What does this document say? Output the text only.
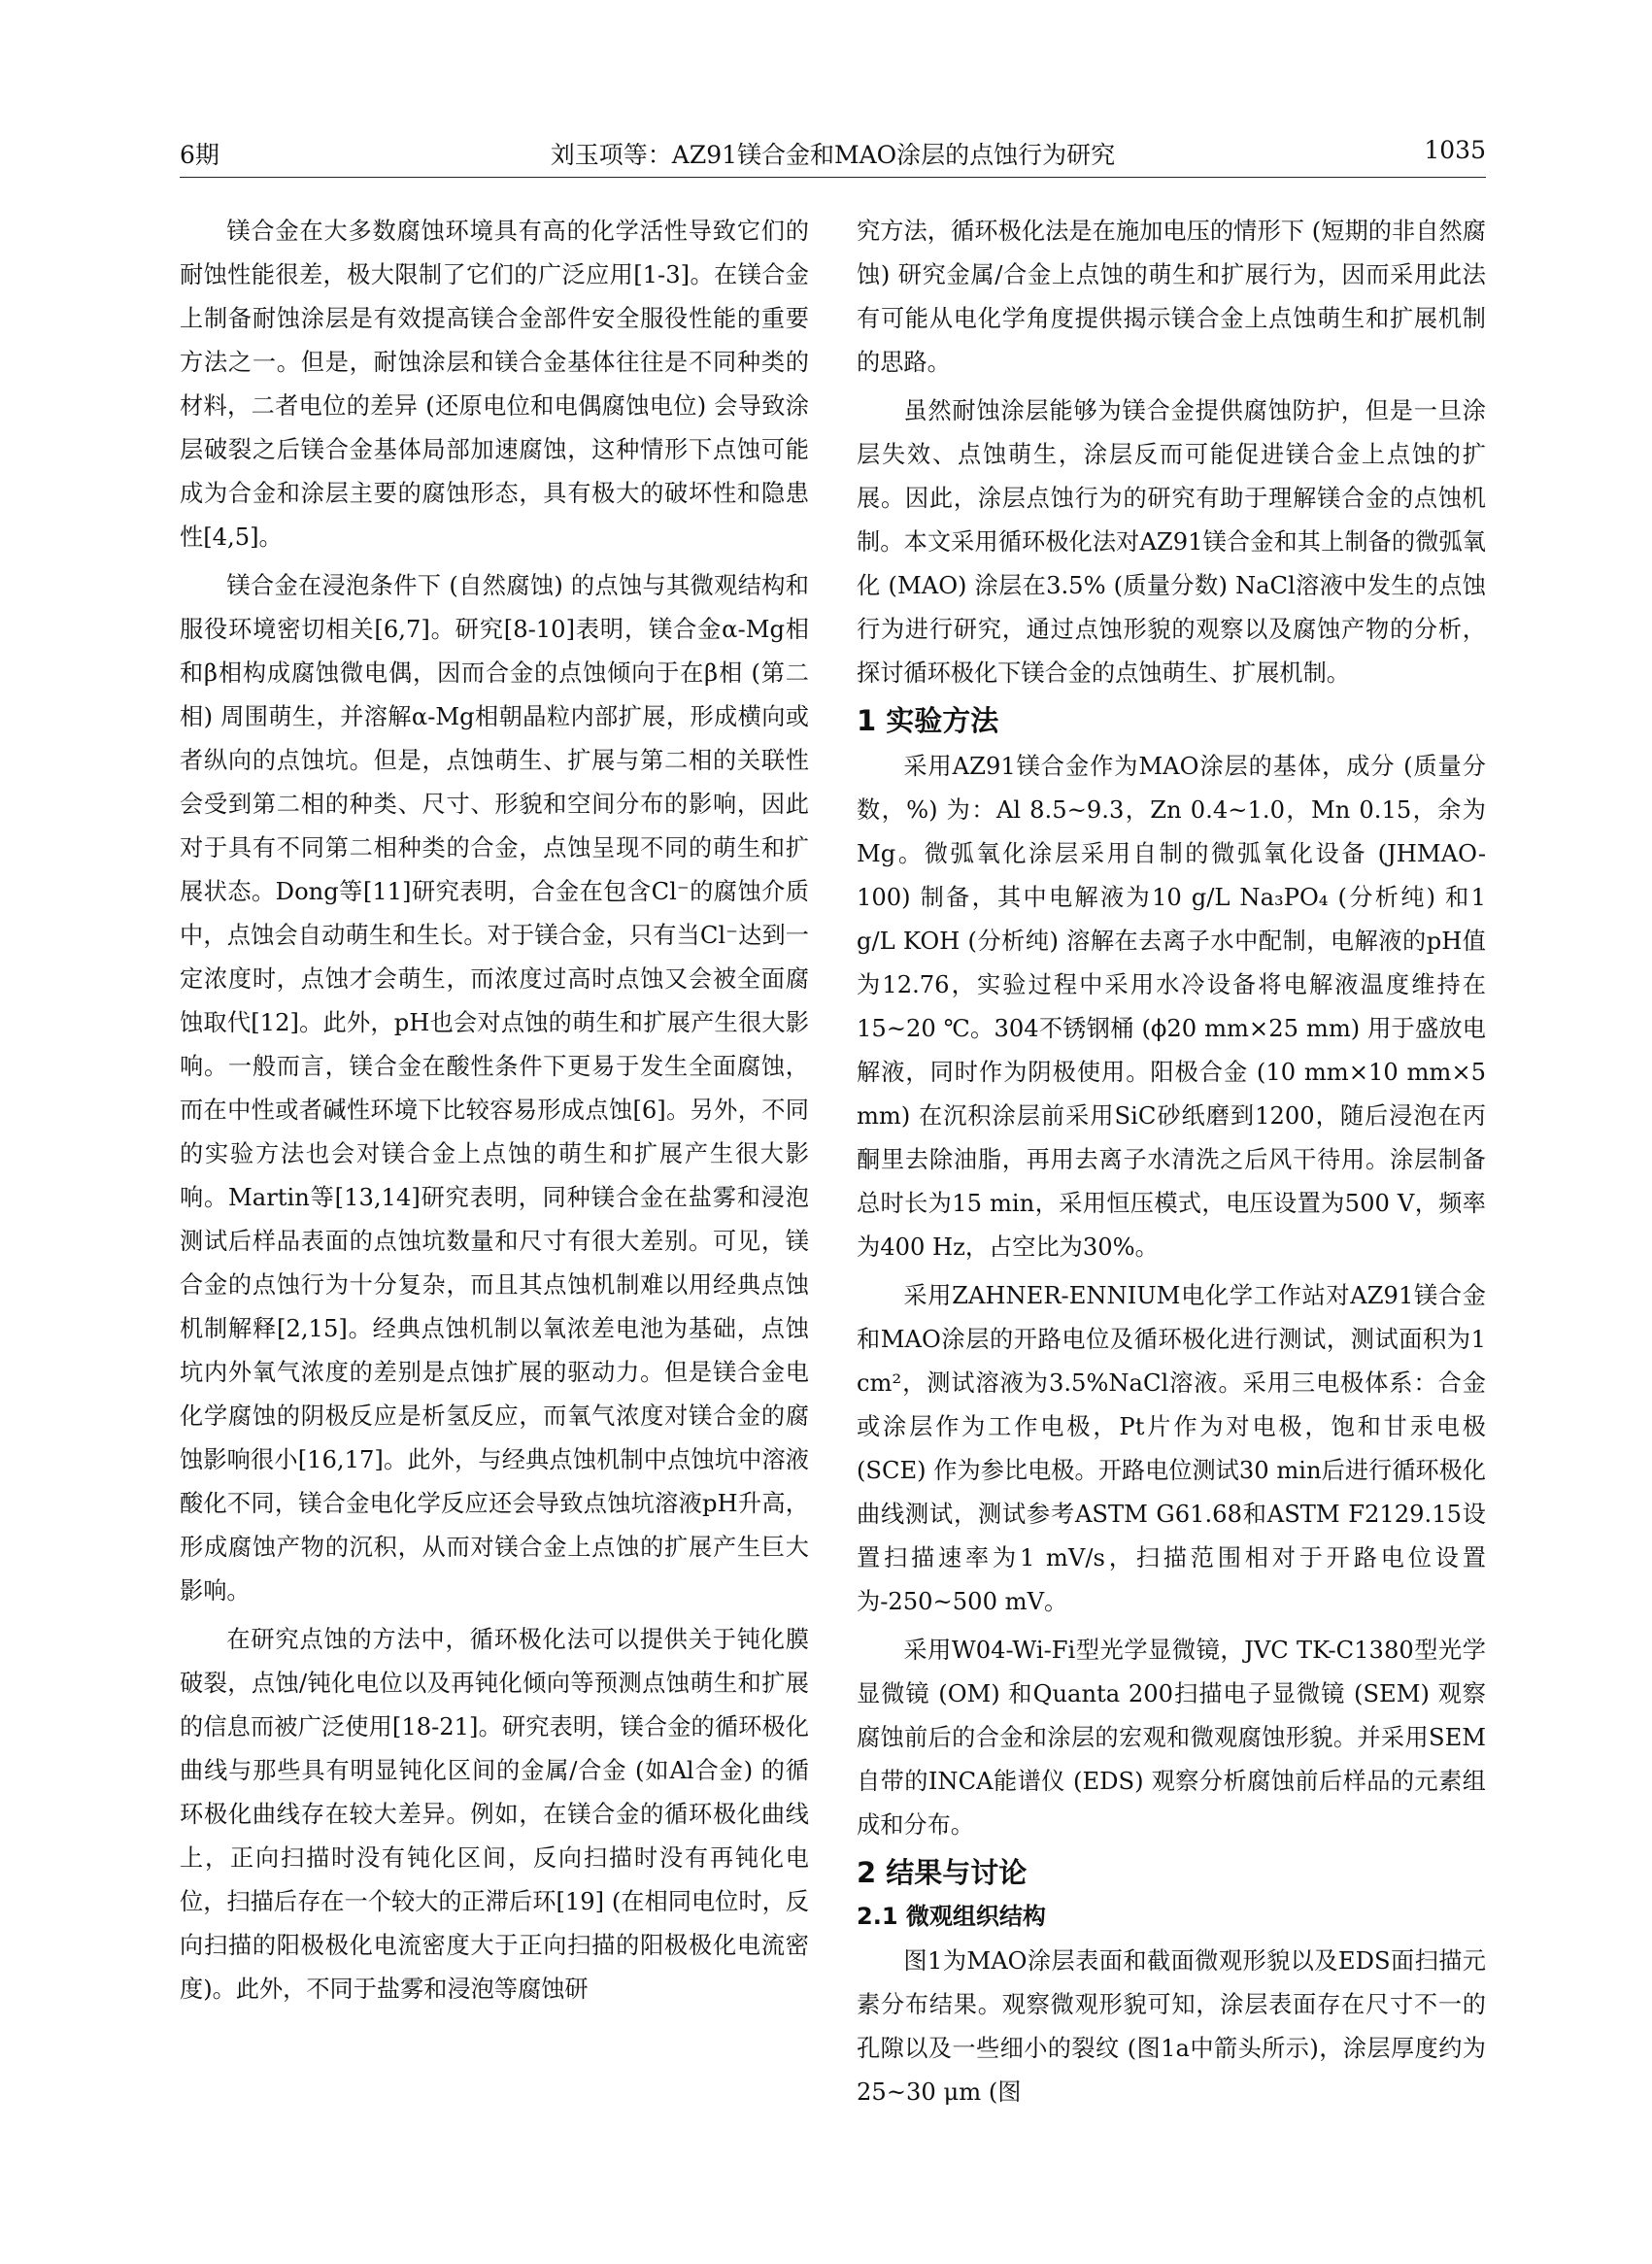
6期	刘玉项等：AZ91镁合金和MAO涂层的点蚀行为研究	1035

镁合金在大多数腐蚀环境具有高的化学活性导致它们的耐蚀性能很差，极大限制了它们的广泛应用[1-3]。在镁合金上制备耐蚀涂层是有效提高镁合金部件安全服役性能的重要方法之一。但是，耐蚀涂层和镁合金基体往往是不同种类的材料，二者电位的差异 (还原电位和电偶腐蚀电位) 会导致涂层破裂之后镁合金基体局部加速腐蚀，这种情形下点蚀可能成为合金和涂层主要的腐蚀形态，具有极大的破坏性和隐患性[4,5]。

镁合金在浸泡条件下 (自然腐蚀) 的点蚀与其微观结构和服役环境密切相关[6,7]。研究[8-10]表明，镁合金α-Mg相和β相构成腐蚀微电偶，因而合金的点蚀倾向于在β相 (第二相) 周围萌生，并溶解α-Mg相朝晶粒内部扩展，形成横向或者纵向的点蚀坑。但是，点蚀萌生、扩展与第二相的关联性会受到第二相的种类、尺寸、形貌和空间分布的影响，因此对于具有不同第二相种类的合金，点蚀呈现不同的萌生和扩展状态。Dong等[11]研究表明，合金在包含Cl⁻的腐蚀介质中，点蚀会自动萌生和生长。对于镁合金，只有当Cl⁻达到一定浓度时，点蚀才会萌生，而浓度过高时点蚀又会被全面腐蚀取代[12]。此外，pH也会对点蚀的萌生和扩展产生很大影响。一般而言，镁合金在酸性条件下更易于发生全面腐蚀，而在中性或者碱性环境下比较容易形成点蚀[6]。另外，不同的实验方法也会对镁合金上点蚀的萌生和扩展产生很大影响。Martin等[13,14]研究表明，同种镁合金在盐雾和浸泡测试后样品表面的点蚀坑数量和尺寸有很大差别。可见，镁合金的点蚀行为十分复杂，而且其点蚀机制难以用经典点蚀机制解释[2,15]。经典点蚀机制以氧浓差电池为基础，点蚀坑内外氧气浓度的差别是点蚀扩展的驱动力。但是镁合金电化学腐蚀的阴极反应是析氢反应，而氧气浓度对镁合金的腐蚀影响很小[16,17]。此外，与经典点蚀机制中点蚀坑中溶液酸化不同，镁合金电化学反应还会导致点蚀坑溶液pH升高，形成腐蚀产物的沉积，从而对镁合金上点蚀的扩展产生巨大影响。

在研究点蚀的方法中，循环极化法可以提供关于钝化膜破裂，点蚀/钝化电位以及再钝化倾向等预测点蚀萌生和扩展的信息而被广泛使用[18-21]。研究表明，镁合金的循环极化曲线与那些具有明显钝化区间的金属/合金 (如Al合金) 的循环极化曲线存在较大差异。例如，在镁合金的循环极化曲线上，正向扫描时没有钝化区间，反向扫描时没有再钝化电位，扫描后存在一个较大的正滞后环[19] (在相同电位时，反向扫描的阳极极化电流密度大于正向扫描的阳极极化电流密度)。此外，不同于盐雾和浸泡等腐蚀研

究方法，循环极化法是在施加电压的情形下 (短期的非自然腐蚀) 研究金属/合金上点蚀的萌生和扩展行为，因而采用此法有可能从电化学角度提供揭示镁合金上点蚀萌生和扩展机制的思路。

虽然耐蚀涂层能够为镁合金提供腐蚀防护，但是一旦涂层失效、点蚀萌生，涂层反而可能促进镁合金上点蚀的扩展。因此，涂层点蚀行为的研究有助于理解镁合金的点蚀机制。本文采用循环极化法对AZ91镁合金和其上制备的微弧氧化 (MAO) 涂层在3.5% (质量分数) NaCl溶液中发生的点蚀行为进行研究，通过点蚀形貌的观察以及腐蚀产物的分析，探讨循环极化下镁合金的点蚀萌生、扩展机制。

1 实验方法

采用AZ91镁合金作为MAO涂层的基体，成分 (质量分数，%) 为：Al 8.5~9.3，Zn 0.4~1.0，Mn 0.15，余为Mg。微弧氧化涂层采用自制的微弧氧化设备 (JHMAO-100) 制备，其中电解液为10 g/L Na₃PO₄ (分析纯) 和1 g/L KOH (分析纯) 溶解在去离子水中配制，电解液的pH值为12.76，实验过程中采用水冷设备将电解液温度维持在15~20 ℃。304不锈钢桶 (ϕ20 mm×25 mm) 用于盛放电解液，同时作为阴极使用。阳极合金 (10 mm×10 mm×5 mm) 在沉积涂层前采用SiC砂纸磨到1200，随后浸泡在丙酮里去除油脂，再用去离子水清洗之后风干待用。涂层制备总时长为15 min，采用恒压模式，电压设置为500 V，频率为400 Hz，占空比为30%。

采用ZAHNER-ENNIUM电化学工作站对AZ91镁合金和MAO涂层的开路电位及循环极化进行测试，测试面积为1 cm²，测试溶液为3.5%NaCl溶液。采用三电极体系：合金或涂层作为工作电极，Pt片作为对电极，饱和甘汞电极 (SCE) 作为参比电极。开路电位测试30 min后进行循环极化曲线测试，测试参考ASTM G61.68和ASTM F2129.15设置扫描速率为1 mV/s，扫描范围相对于开路电位设置为-250~500 mV。

采用W04-Wi-Fi型光学显微镜，JVC TK-C1380型光学显微镜 (OM) 和Quanta 200扫描电子显微镜 (SEM) 观察腐蚀前后的合金和涂层的宏观和微观腐蚀形貌。并采用SEM自带的INCA能谱仪 (EDS) 观察分析腐蚀前后样品的元素组成和分布。

2 结果与讨论
2.1 微观组织结构

图1为MAO涂层表面和截面微观形貌以及EDS面扫描元素分布结果。观察微观形貌可知，涂层表面存在尺寸不一的孔隙以及一些细小的裂纹 (图1a中箭头所示)，涂层厚度约为25~30 μm (图
